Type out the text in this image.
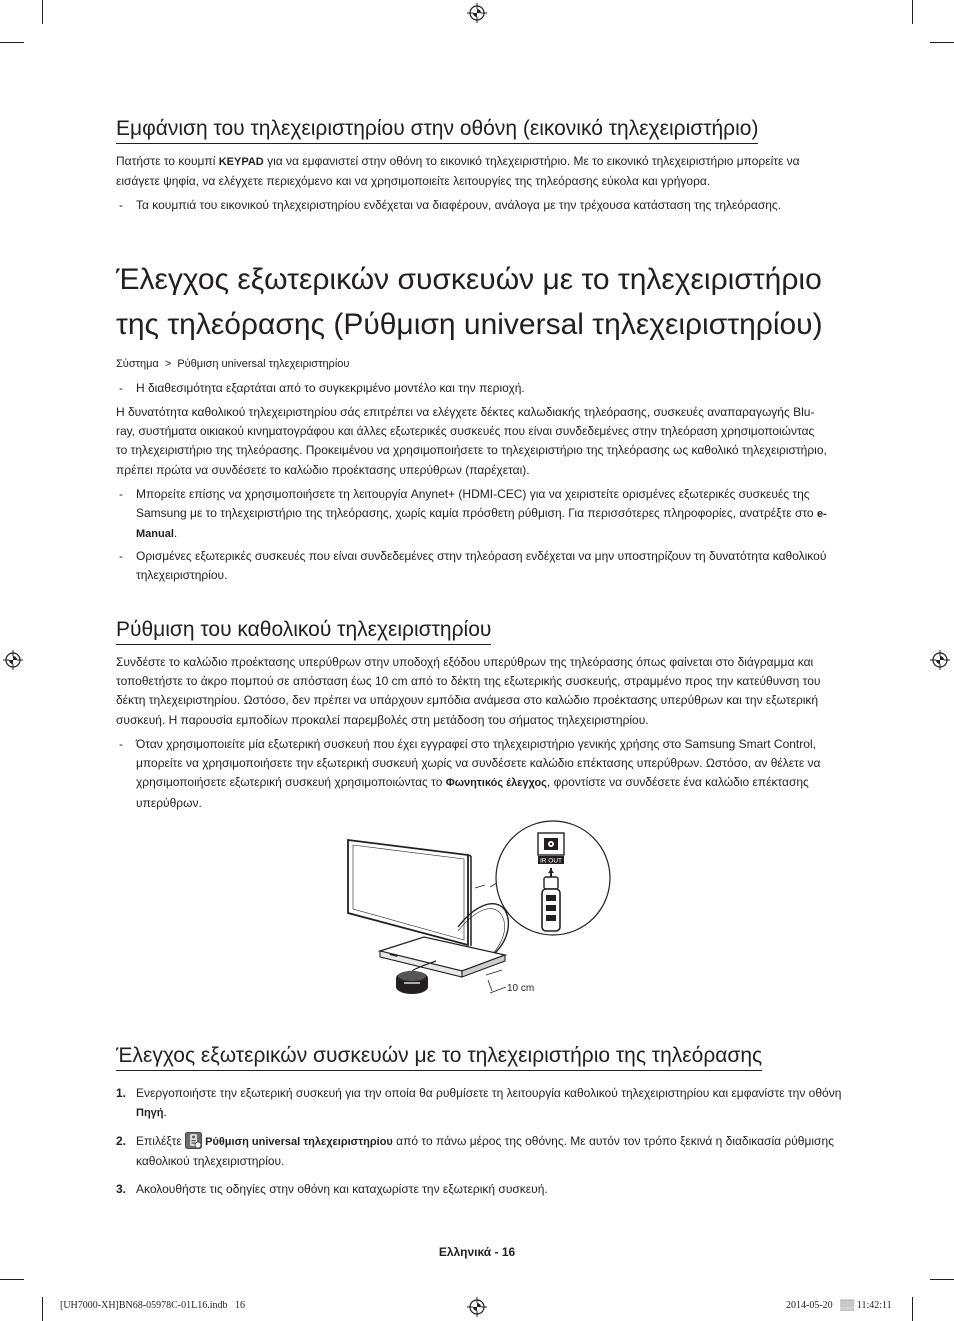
Εμφάνιση του τηλεχειριστηρίου στην οθόνη (εικονικό τηλεχειριστήριο)
Πατήστε το κουμπί KEYPAD για να εμφανιστεί στην οθόνη το εικονικό τηλεχειριστήριο. Με το εικονικό τηλεχειριστήριο μπορείτε να εισάγετε ψηφία, να ελέγχετε περιεχόμενο και να χρησιμοποιείτε λειτουργίες της τηλεόρασης εύκολα και γρήγορα.
- Τα κουμπιά του εικονικού τηλεχειριστηρίου ενδέχεται να διαφέρουν, ανάλογα με την τρέχουσα κατάσταση της τηλεόρασης.
Έλεγχος εξωτερικών συσκευών με το τηλεχειριστήριο
της τηλεόρασης (Ρύθμιση universal τηλεχειριστηρίου)
Σύστημα > Ρύθμιση universal τηλεχειριστηρίου
- Η διαθεσιμότητα εξαρτάται από το συγκεκριμένο μοντέλο και την περιοχή.
Η δυνατότητα καθολικού τηλεχειριστηρίου σάς επιτρέπει να ελέγχετε δέκτες καλωδιακής τηλεόρασης, συσκευές αναπαραγωγής Blu-ray, συστήματα οικιακού κινηματογράφου και άλλες εξωτερικές συσκευές που είναι συνδεδεμένες στην τηλεόραση χρησιμοποιώντας το τηλεχειριστήριο της τηλεόρασης. Προκειμένου να χρησιμοποιήσετε το τηλεχειριστήριο της τηλεόρασης ως καθολικό τηλεχειριστήριο, πρέπει πρώτα να συνδέσετε το καλώδιο προέκτασης υπερύθρων (παρέχεται).
- Μπορείτε επίσης να χρησιμοποιήσετε τη λειτουργία Anynet+ (HDMI-CEC) για να χειριστείτε ορισμένες εξωτερικές συσκευές της Samsung με το τηλεχειριστήριο της τηλεόρασης, χωρίς καμία πρόσθετη ρύθμιση. Για περισσότερες πληροφορίες, ανατρέξτε στο e-Manual.
- Ορισμένες εξωτερικές συσκευές που είναι συνδεδεμένες στην τηλεόραση ενδέχεται να μην υποστηρίζουν τη δυνατότητα καθολικού τηλεχειριστηρίου.
Ρύθμιση του καθολικού τηλεχειριστηρίου
Συνδέστε το καλώδιο προέκτασης υπερύθρων στην υποδοχή εξόδου υπερύθρων της τηλεόρασης όπως φαίνεται στο διάγραμμα και τοποθετήστε το άκρο πομπού σε απόσταση έως 10 cm από το δέκτη της εξωτερικής συσκευής, στραμμένο προς την κατεύθυνση του δέκτη τηλεχειριστηρίου. Ωστόσο, δεν πρέπει να υπάρχουν εμπόδια ανάμεσα στο καλώδιο προέκτασης υπερύθρων και την εξωτερική συσκευή. Η παρουσία εμποδίων προκαλεί παρεμβολές στη μετάδοση του σήματος τηλεχειριστηρίου.
- Όταν χρησιμοποιείτε μία εξωτερική συσκευή που έχει εγγραφεί στο τηλεχειριστήριο γενικής χρήσης στο Samsung Smart Control, μπορείτε να χρησιμοποιήσετε την εξωτερική συσκευή χωρίς να συνδέσετε καλώδιο επέκτασης υπερύθρων. Ωστόσο, αν θέλετε να χρησιμοποιήσετε εξωτερική συσκευή χρησιμοποιώντας το Φωνητικός έλεγχος, φροντίστε να συνδέσετε ένα καλώδιο επέκτασης υπερύθρων.
10 cm
IR OUT
Έλεγχος εξωτερικών συσκευών με το τηλεχειριστήριο της τηλεόρασης
1. Ενεργοποιήστε την εξωτερική συσκευή για την οποία θα ρυθμίσετε τη λειτουργία καθολικού τηλεχειριστηρίου και εμφανίστε την οθόνη Πηγή.
2. Επιλέξτε Ρύθμιση universal τηλεχειριστηρίου από το πάνω μέρος της οθόνης. Με αυτόν τον τρόπο ξεκινά η διαδικασία ρύθμισης καθολικού τηλεχειριστηρίου.
3. Ακολουθήστε τις οδηγίες στην οθόνη και καταχωρίστε την εξωτερική συσκευή.
Ελληνικά - 16
[UH7000-XH]BN68-05978C-01L16.indb   16	2014-05-20   ▒▒ 11:42:11
